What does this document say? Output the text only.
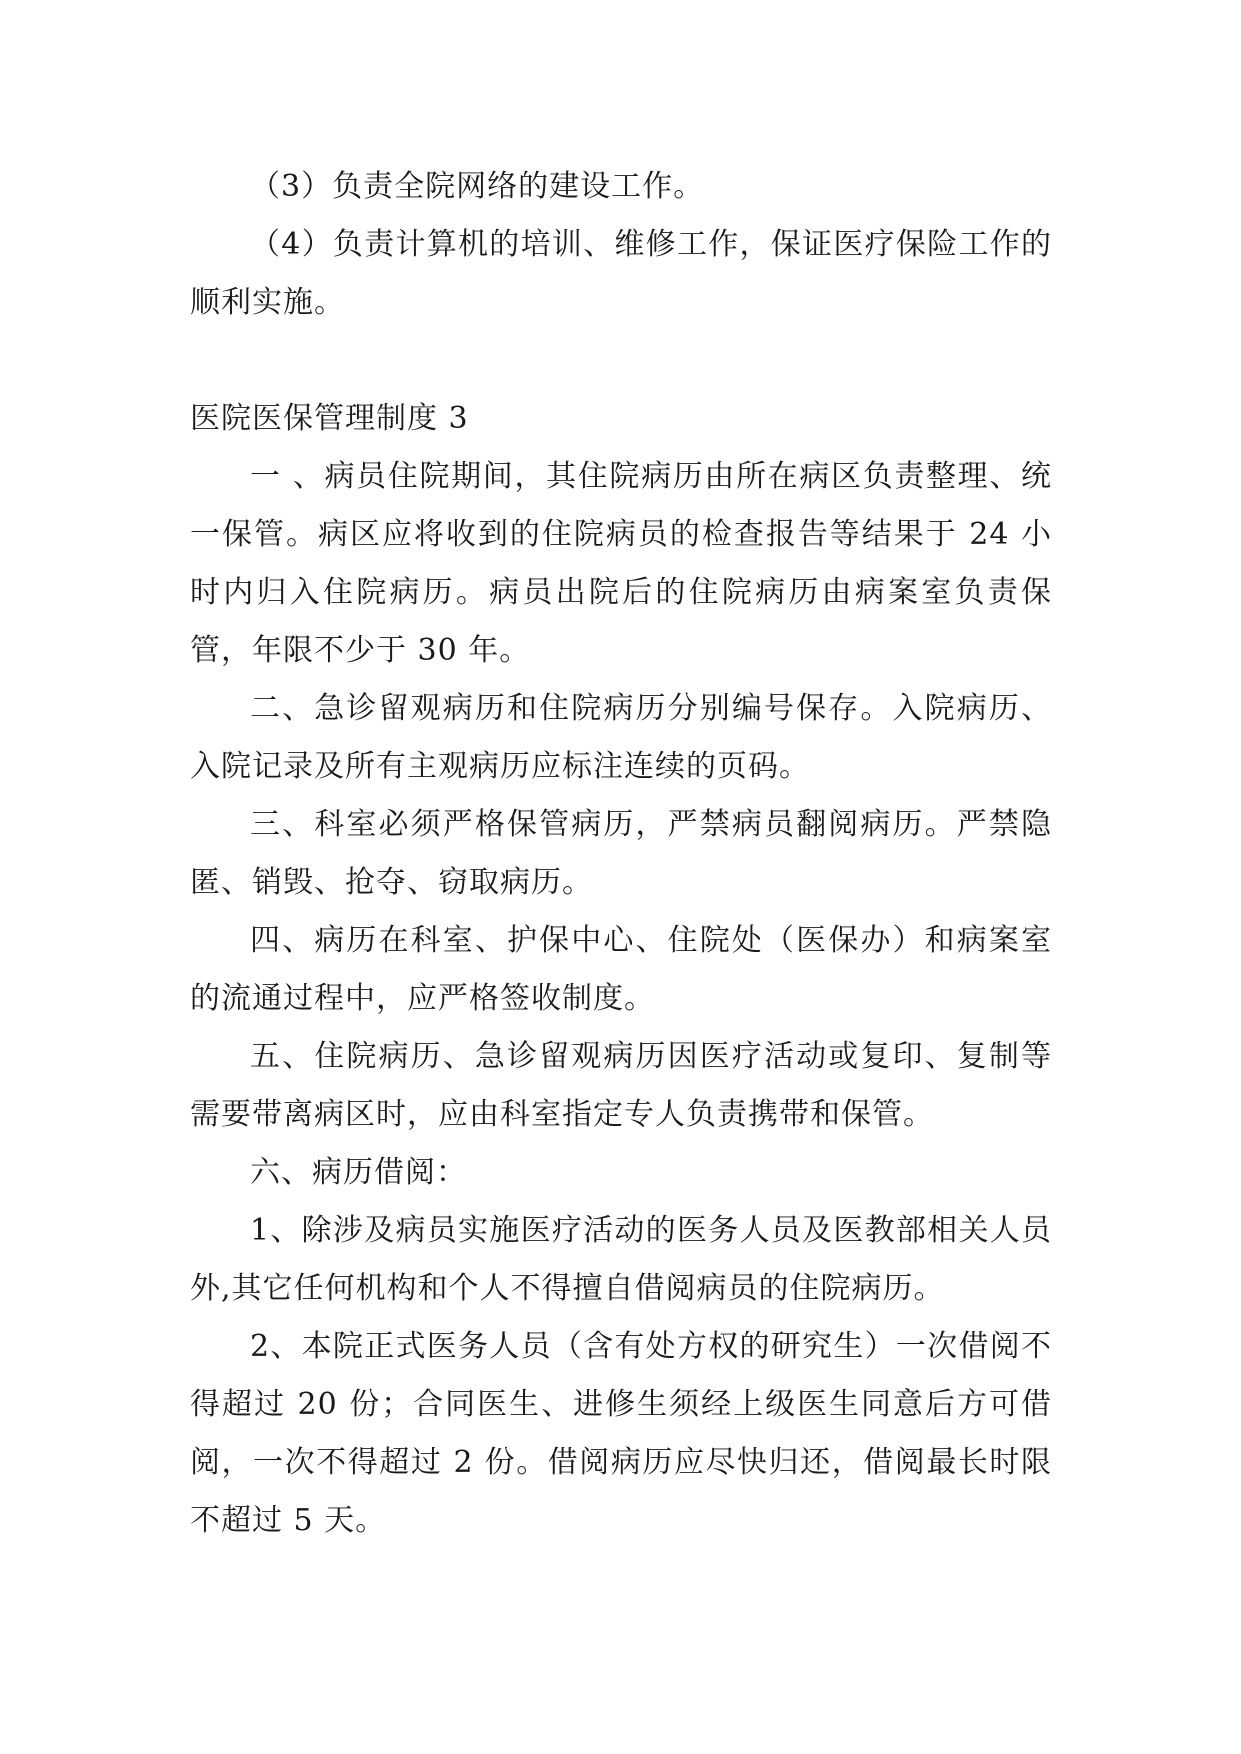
（3）负责全院网络的建设工作。

（4）负责计算机的培训、维修工作，保证医疗保险工作的顺利实施。

医院医保管理制度 3

一 、病员住院期间，其住院病历由所在病区负责整理、统一保管。病区应将收到的住院病员的检查报告等结果于 24 小时内归入住院病历。病员出院后的住院病历由病案室负责保管，年限不少于 30 年。

二、急诊留观病历和住院病历分别编号保存。入院病历、入院记录及所有主观病历应标注连续的页码。

三、科室必须严格保管病历，严禁病员翻阅病历。严禁隐匿、销毁、抢夺、窃取病历。

四、病历在科室、护保中心、住院处（医保办）和病案室的流通过程中，应严格签收制度。

五、住院病历、急诊留观病历因医疗活动或复印、复制等需要带离病区时，应由科室指定专人负责携带和保管。

六、病历借阅：

1、除涉及病员实施医疗活动的医务人员及医教部相关人员外,其它任何机构和个人不得擅自借阅病员的住院病历。

2、本院正式医务人员（含有处方权的研究生）一次借阅不得超过 20 份；合同医生、进修生须经上级医生同意后方可借阅，一次不得超过 2 份。借阅病历应尽快归还，借阅最长时限不超过 5 天。
